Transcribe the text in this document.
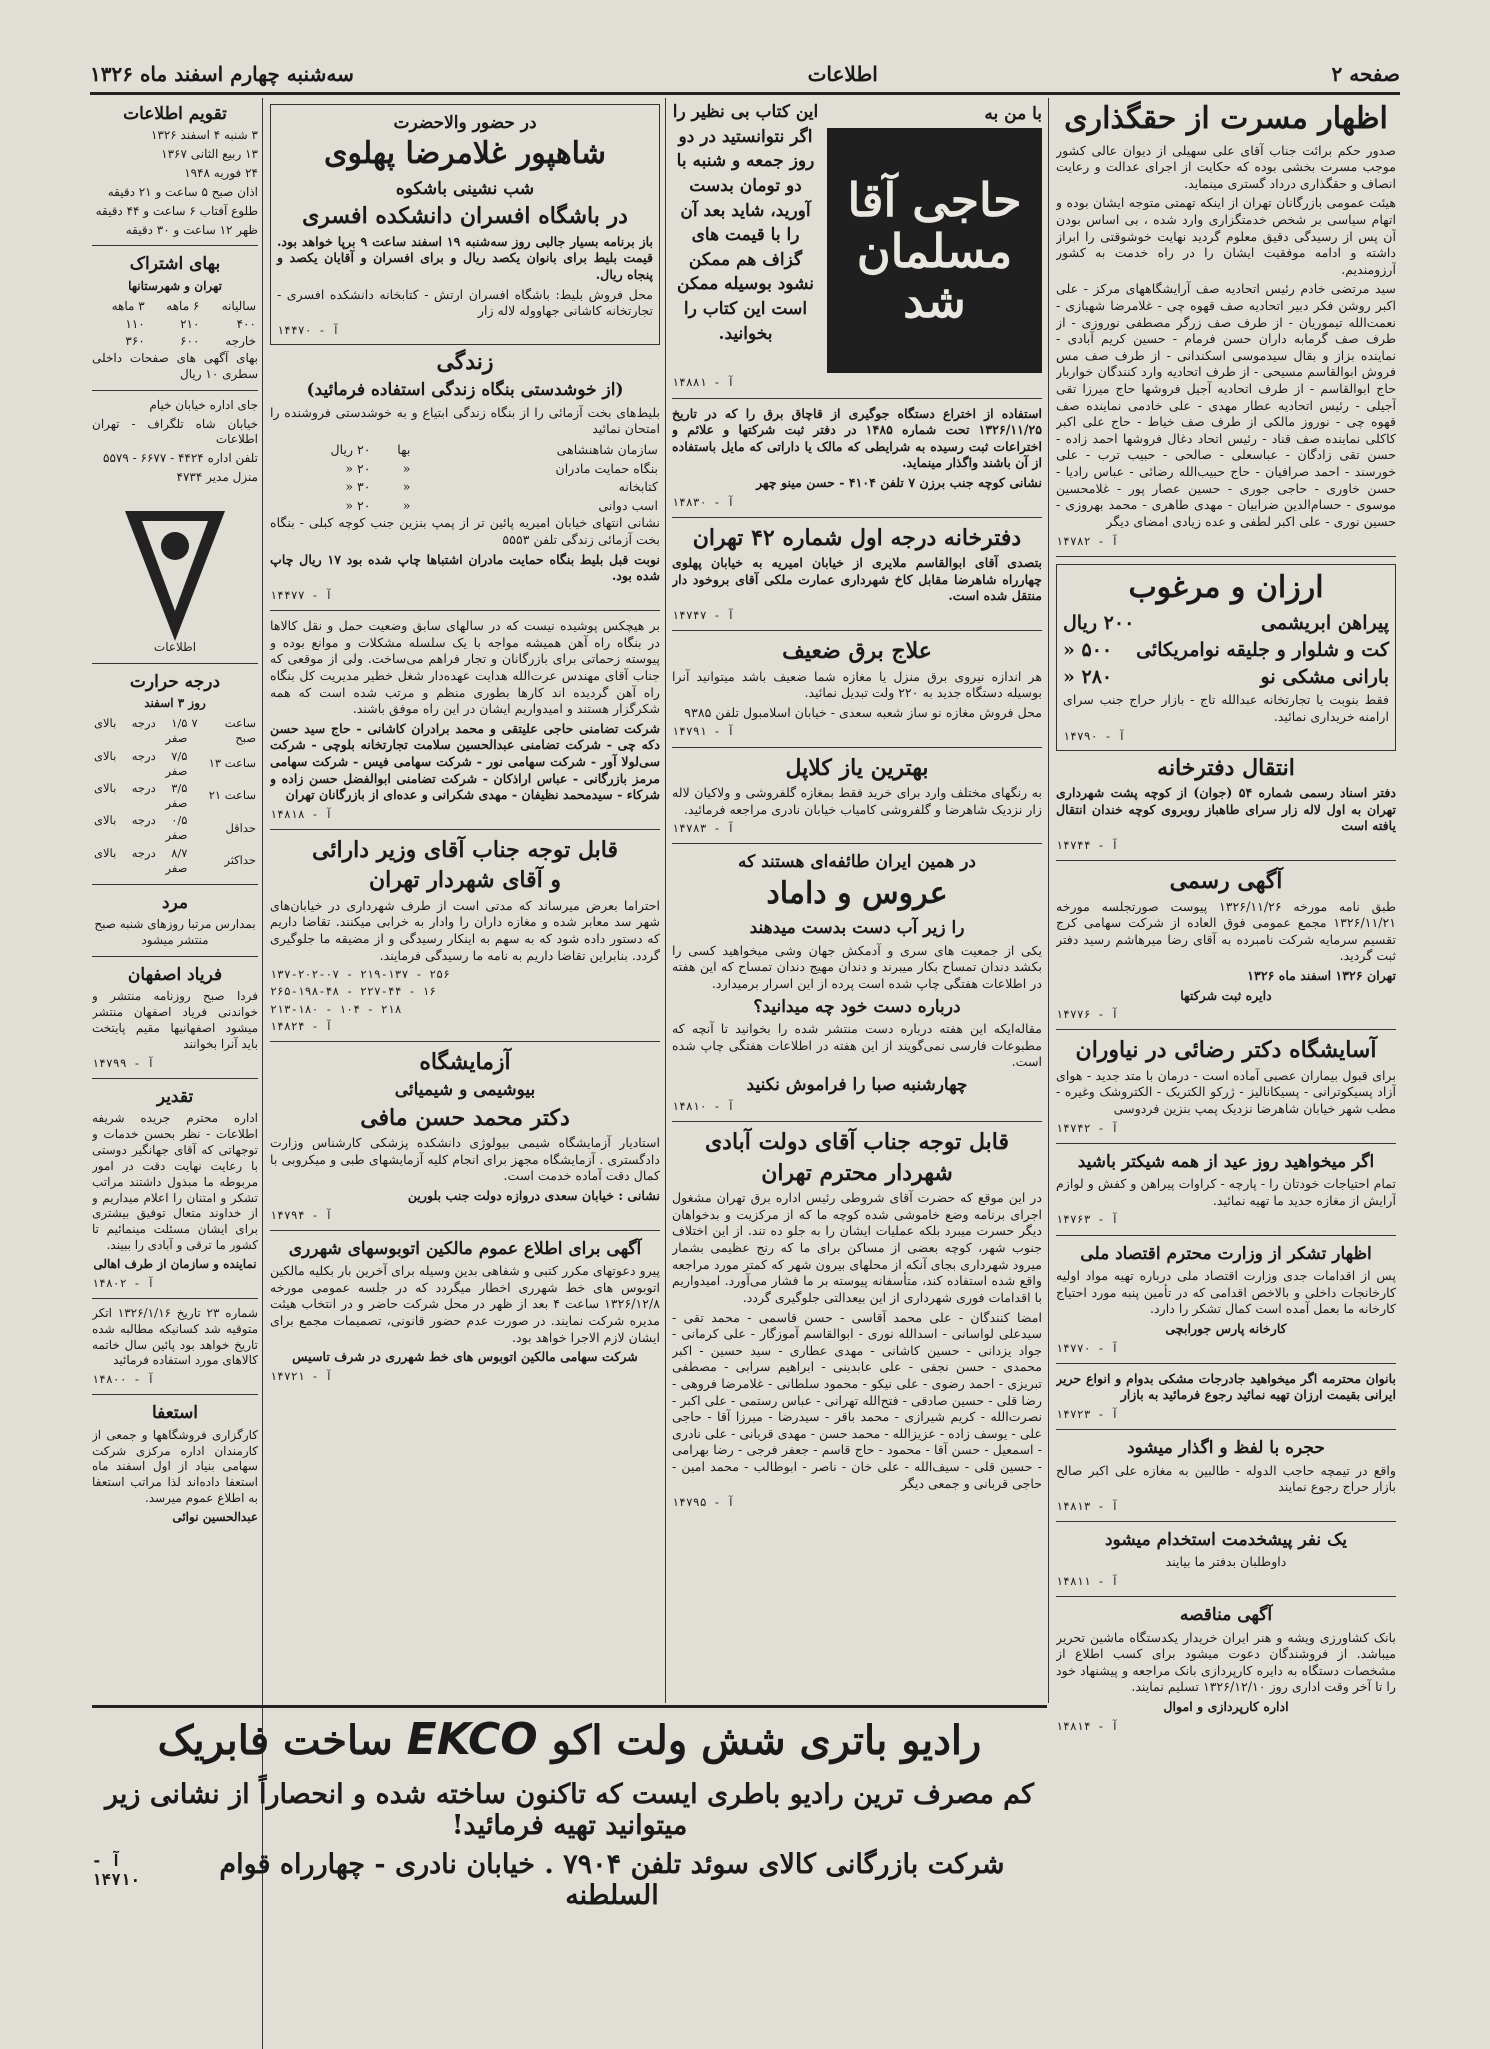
صفحه ۲
اطلاعات
سه‌شنبه چهارم اسفند ماه ۱۳۲۶
اظهار مسرت از حقگذاری

صدور حکم برائت جناب آقای علی سهیلی از دیوان عالی کشور موجب مسرت بخشی بوده که حکایت از اجرای عدالت و رعایت انصاف و حقگذاری درداد گستری مینماید.

هیئت عمومی بازرگانان تهران از اینکه تهمتی متوجه ایشان بوده و اتهام سیاسی بر شخص خدمتگزاری وارد شده ، بی اساس بودن آن پس از رسیدگی دقیق معلوم گردید نهایت خوشوقتی را ابراز داشته و ادامه موفقیت ایشان را در راه خدمت به کشور آرزومندیم.

سید مرتضی خادم رئیس اتحادیه صف آرایشگاههای مرکز - علی اکبر روشن فکر دبیر اتحادیه صف قهوه چی - غلامرضا شهبازی - نعمت‌الله تیموریان - از طرف صف زرگر مصطفی نوروزی - از طرف صف گرمابه داران حسن فرمام - حسین کریم آبادی - نماینده بزاز و بقال سیدموسی اسکندانی - از طرف صف مس فروش ابوالقاسم مسیحی - از طرف اتحادیه وارد کنندگان خواربار حاج ابوالقاسم - از طرف اتحادیه آجیل فروشها حاج میرزا تقی آجیلی - رئیس اتحادیه عطار مهدی - علی خادمی نماینده صف قهوه چی - نوروز مالکی از طرف صف خیاط - حاج علی اکبر کاکلی نماینده صف قناد - رئیس اتحاد دغال فروشها احمد زاده - حسن تقی زادگان - عباسعلی - صالحی - حبیب ترب - علی خورسند - احمد صرافیان - حاج حبیب‌الله رضائی - عباس رادیا - حسن خاوری - حاجی جوری - حسین عصار پور - غلامحسین موسوی - حسام‌الدین ضرابیان - مهدی طاهری - محمد بهروزی - حسین نوری - علی اکبر لطفی و عده زیادی امضای دیگر

آ - ۱۴۷۸۲
ارزان و مرغوب
پیراهن ابریشمی
۲۰۰ ریال
کت و شلوار و جلیقه نوامریکائی
۵۰۰ «
بارانی مشکی نو
۲۸۰ «

فقط بنوبت یا تجارتخانه عبدالله تاج - بازار حراج جنب سرای ارامنه خریداری نمائید.

آ - ۱۴۷۹۰
انتقال دفترخانه

دفتر اسناد رسمی شماره ۵۴ (جوان) از کوچه پشت شهرداری تهران به اول لاله زار سرای طاهباز روبروی کوچه خندان انتقال یافته است

آ - ۱۴۷۴۴
آگهی رسمی

طبق نامه مورخه ۱۳۲۶/۱۱/۲۶ پیوست صورتجلسه مورخه ۱۳۲۶/۱۱/۲۱ مجمع عمومی فوق العاده از شرکت سهامی کرج تقسیم سرمایه شرکت نامبرده به آقای رضا میرهاشم رسید دفتر ثبت گردید.

تهران ۱۳۲۶ اسفند ماه ۱۳۲۶

دایره ثبت شرکتها

آ - ۱۴۷۷۶
آسایشگاه دکتر رضائی در نیاوران

برای قبول بیماران عصبی آماده است - درمان با متد جدید - هوای آزاد پسیکوترانی - پسیکانالیز - ژرکو الکتریک - الکتروشک وغیره - مطب شهر خیابان شاهرضا نزدیک پمپ بنزین فردوسی

آ - ۱۴۷۴۲
اگر میخواهید روز عید از همه شیکتر باشید

تمام احتیاجات خودتان را - پارچه - کراوات پیراهن و کفش و لوازم آرایش از مغازه جدید ما تهیه نمائید.

آ - ۱۴۷۶۳
اظهار تشکر از وزارت محترم اقتصاد ملی

پس از اقدامات جدی وزارت اقتصاد ملی درباره تهیه مواد اولیه کارخانجات داخلی و بالاخص اقدامی که در تأمین پنبه مورد احتیاج کارخانه ما بعمل آمده است کمال تشکر را دارد.

کارخانه پارس جورابچی

آ - ۱۴۷۷۰

بانوان محترمه اگر میخواهید جادرجات مشکی بدوام و انواع حریر ایرانی بقیمت ارزان تهیه نمائید رجوع فرمائید به بازار

آ - ۱۴۷۲۳
حجره با لفظ و اگذار میشود

واقع در تیمچه حاجب الدوله - طالبین به مغازه علی اکبر صالح بازار حراج رجوع نمایند

آ - ۱۴۸۱۳
یک نفر پیشخدمت استخدام میشود

داوطلبان بدفتر ما بیایند

آ - ۱۴۸۱۱
آگهی مناقصه

بانک کشاورزی ویشه و هنر ایران خریدار یکدستگاه ماشین تحریر میباشد. از فروشندگان دعوت میشود برای کسب اطلاع از مشخصات دستگاه به دایره کارپردازی بانک مراجعه و پیشنهاد خود را تا آخر وقت اداری روز ۱۳۲۶/۱۲/۱۰ تسلیم نمایند.

اداره کارپردازی و اموال

آ - ۱۴۸۱۴
با من به
حاجی آقا مسلمان شد
این کتاب بی نظیر را اگر نتوانستید در دو روز جمعه و شنبه با دو تومان بدست آورید، شاید بعد آن را با قیمت های گزاف هم ممکن نشود بوسیله ممکن است این کتاب را بخوانید.
آ - ۱۴۸۸۱

استفاده از اختراع دستگاه جوگیری از قاچاق برق را که در تاریخ ۱۳۲۶/۱۱/۲۵ تحت شماره ۱۴۸۵ در دفتر ثبت شرکتها و علائم و اختراعات ثبت رسیده به شرایطی که مالک یا داراتی که مایل باستفاده از آن باشند واگذار مینماید.

نشانی کوچه جنب برزن ۷ تلفن ۴۱۰۴ - حسن مینو چهر

آ - ۱۴۸۳۰
دفترخانه درجه اول شماره ۴۲ تهران

بتصدی آقای ابوالقاسم ملایری از خیابان امیریه به خیابان پهلوی چهارراه شاهرضا مقابل کاخ شهرداری عمارت ملکی آقای بروخود دار منتقل شده است.

آ - ۱۴۷۴۷
علاج برق ضعیف

هر اندازه نیروی برق منزل یا مغازه شما ضعیف باشد میتوانید آنرا بوسیله دستگاه جدید به ۲۲۰ ولت تبدیل نمائید.

محل فروش مغازه نو ساز شعبه سعدی - خیابان اسلامبول تلفن ۹۳۸۵

آ - ۱۴۷۹۱
بهترین یاز کلاپل

به رنگهای مختلف وارد برای خرید فقط بمغازه گلفروشی و ولاکیان لاله زار نزدیک شاهرضا و گلفروشی کامیاب خیابان نادری مراجعه فرمائید.

آ - ۱۴۷۸۳
در همین ایران طائفه‌ای هستند که
عروس و داماد
را زیر آب دست بدست میدهند

یکی از جمعیت های سری و آدمکش جهان وشی میخواهید کسی را بکشد دندان تمساح بکار میبرند و دندان مهیج دندان تمساح که این هفته در اطلاعات هفتگی چاپ شده است پرده از این اسرار برمیدارد.

درباره دست خود چه میدانید؟

مقاله‌ایکه این هفته درباره دست منتشر شده را بخوانید تا آنچه که مطبوعات فارسی نمی‌گویند از این هفته در اطلاعات هفتگی چاپ شده است.

چهارشنبه صبا را فراموش نکنید
آ - ۱۴۸۱۰
قابل توجه جناب آقای دولت آبادی
شهردار محترم تهران

در این موقع که حضرت آقای شروطی رئیس اداره برق تهران مشغول اجرای برنامه وضع خاموشی شده کوچه ما که از مرکزیت و بدخواهان دیگر حسرت میبرد بلکه عملیات ایشان را به جلو ده تند. از این اختلاف جنوب شهر، کوچه بعضی از مساکن برای ما که رنج عظیمی بشمار میرود شهرداری بجای آنکه از محلهای بیرون شهر که کمتر مورد مراجعه واقع شده استفاده کند، متأسفانه پیوسته بر ما فشار می‌آورد. امیدواریم با اقدامات فوری شهرداری از این بیعدالتی جلوگیری گردد.

امضا کنندگان - علی محمد آقاسی - حسن قاسمی - محمد تقی - سیدعلی لواسانی - اسدالله نوری - ابوالقاسم آموزگار - علی کرمانی - جواد یزدانی - حسین کاشانی - مهدی عطاری - سید حسین - اکبر محمدی - حسن نجفی - علی عابدینی - ابراهیم سرابی - مصطفی تبریزی - احمد رضوی - علی نیکو - محمود سلطانی - غلامرضا فروهی - رضا قلی - حسین صادقی - فتح‌الله تهرانی - عباس رستمی - علی اکبر - نصرت‌الله - کریم شیرازی - محمد باقر - سیدرضا - میرزا آقا - حاجی علی - یوسف زاده - عزیز‌الله - محمد حسن - مهدی قربانی - علی نادری - اسمعیل - حسن آقا - محمود - حاج قاسم - جعفر فرجی - رضا بهرامی - حسین قلی - سیف‌الله - علی خان - ناصر - ابوطالب - محمد امین - حاجی قربانی و جمعی دیگر

آ - ۱۴۷۹۵
در حضور والاحضرت
شاهپور غلامرضا پهلوی
شب نشینی باشکوه
در باشگاه افسران دانشکده افسری

باز برنامه بسیار جالبی روز سه‌شنبه ۱۹ اسفند ساعت ۹ برپا خواهد بود. قیمت بلیط برای بانوان یکصد ریال و برای افسران و آقایان یکصد و پنجاه ریال.

محل فروش بلیط: باشگاه افسران ارتش - کتابخانه دانشکده افسری - تجارتخانه کاشانی جهاووله لاله زار

آ - ۱۴۴۷۰
زندگی
(از خوشدستی بنگاه زندگی استفاده فرمائید)

بلیط‌های بخت آزمائی را از بنگاه زندگی ابتیاع و به خوشدستی فروشنده را امتحان نمائید

سازمان شاهنشاهی	بها	۲۰ ریال
بنگاه حمایت مادران	«	۲۰ «
کتابخانه	«	۳۰ «
اسب دوانی	«	۲۰ «

نشانی انتهای خیابان امیریه پائین تر از پمپ بنزین جنب کوچه کبلی - بنگاه بخت آزمائی زندگی تلفن ۵۵۵۳

نوبت قبل بلیط بنگاه حمایت مادران اشتباها چاپ شده بود ۱۷ ریال چاپ شده بود.

آ - ۱۴۴۷۷

بر هیچکس پوشیده نیست که در سالهای سابق وضعیت حمل و نقل کالاها در بنگاه راه آهن همیشه مواجه با یک سلسله مشکلات و موانع بوده و پیوسته زحماتی برای بازرگانان و تجار فراهم می‌ساخت. ولی از موقعی که جناب آقای مهندس عرت‌الله هدایت عهده‌دار شغل خطیر مدیریت کل بنگاه راه آهن گردیده اند کارها بطوری منظم و مرتب شده است که همه شکرگزار هستند و امیدواریم ایشان در این راه موفق باشند.

شرکت تضامنی حاجی علیتقی و محمد برادران کاشانی - حاج سید حسن دکه چی - شرکت تضامنی عبدالحسین سلامت تجارتخانه بلوچی - شرکت سی‌لولا آور - شرکت سهامی نور - شرکت سهامی فیس - شرکت سهامی مرمز بازرگانی - عباس اراذکان - شرکت تضامنی ابوالفضل حسن زاده و شرکاء - سیدمحمد نظیفان - مهدی شکرانی و عده‌ای از بازرگانان تهران

آ - ۱۴۸۱۸
قابل توجه جناب آقای وزیر دارائی
و آقای شهردار تهران

احتراما بعرض میرساند که مدتی است از طرف شهرداری در خیابان‌های شهر سد معابر شده و مغازه داران را وادار به خرابی میکنند. تقاضا داریم که دستور داده شود که به سهم به اینکار رسیدگی و از مضیقه ما جلوگیری گردد. بنابراین تقاضا داریم به نامه ما رسیدگی فرمایند.

۱۳۷-۲۰۲-۰۷ - ۲۱۹-۱۳۷ - ۲۵۶
۲۶۵-۱۹۸-۴۸ - ۲۲۷-۴۴ - ۱۶
۲۱۳-۱۸۰ - ۱۰۴ - ۲۱۸
آ - ۱۴۸۲۴
آزمایشگاه
بیوشیمی و شیمیائی
دکتر محمد حسن مافی

استادیار آزمایشگاه شیمی بیولوژی دانشکده پزشکی کارشناس وزارت دادگستری . آزمایشگاه مجهز برای انجام کلیه آزمایشهای طبی و میکروبی با کمال دقت آماده خدمت است.

نشانی : خیابان سعدی دروازه دولت جنب بلورین

آ - ۱۴۷۹۴
آگهی برای اطلاع عموم مالکین اتوبوسهای شهرری

پیرو دعوتهای مکرر کتبی و شفاهی بدین وسیله برای آخرین بار بکلیه مالکین اتوبوس های خط شهرری اخطار میگردد که در جلسه عمومی مورخه ۱۳۲۶/۱۲/۸ ساعت ۴ بعد از ظهر در محل شرکت حاضر و در انتخاب هیئت مدیره شرکت نمایند. در صورت عدم حضور قانونی، تصمیمات مجمع برای ایشان لازم الاجرا خواهد بود.

شرکت سهامی مالکین اتوبوس های خط شهرری در شرف تاسیس

آ - ۱۴۷۲۱
تقویم اطلاعات

۳ شنبه ۴ اسفند ۱۳۲۶

۱۳ ربیع الثانی ۱۳۶۷

۲۴ فوریه ۱۹۴۸

اذان صبح ۵ ساعت و ۲۱ دقیقه

طلوع آفتاب ۶ ساعت و ۴۴ دقیقه

ظهر ۱۲ ساعت و ۳۰ دقیقه

بهای اشتراک

تهران و شهرستانها

ساليانه	۶ ماهه	۳ ماهه
۴۰۰	۲۱۰	۱۱۰
خارجه	۶۰۰	۳۶۰

بهای آگهی های صفحات داخلی سطری ۱۰ ریال

جای اداره خیابان خیام

خیابان شاه تلگراف - تهران اطلاعات

تلفن اداره ۴۴۲۴ - ۶۶۷۷ - ۵۵۷۹

منزل مدیر ۴۷۳۴

اطلاعات
درجه حرارت

روز ۳ اسفند

ساعت ۷ صبح	۱/۵ درجه بالای صفر
ساعت ۱۳	۷/۵ درجه بالای صفر
ساعت ۲۱	۳/۵ درجه بالای صفر
حداقل	۰/۵ درجه بالای صفر
حداکثر	۸/۷ درجه بالای صفر
مرد

بمدارس مرتبا روزهای شنبه صبح منتشر میشود

فریاد اصفهان

فردا صبح روزنامه منتشر و خواندنی فریاد اصفهان منتشر میشود اصفهانیها مقیم پایتخت باید آنرا بخوانند

آ - ۱۴۷۹۹
تقدیر

اداره محترم جریده شریفه اطلاعات - نظر بحسن خدمات و توجهاتی که آقای جهانگیر دوستی با رعایت نهایت دقت در امور مربوطه ما مبذول داشتند مراتب تشکر و امتنان را اعلام میداریم و از خداوند متعال توفیق بیشتری برای ایشان مسئلت مینمائیم تا کشور ما ترقی و آبادی را ببیند.

نماینده و سازمان از طرف اهالی

آ - ۱۴۸۰۲

شماره ۲۳ تاریخ ۱۳۲۶/۱/۱۶ اتکر متوقیه شد کسانیکه مطالبه شده تاریخ خواهد بود پائین سال خاتمه کالاهای مورد استفاده فرمائید

آ - ۱۴۸۰۰
استعفا

کارگزاری فروشگاهها و جمعی از کارمندان اداره مرکزی شرکت سهامی بنیاد از اول اسفند ماه استعفا داده‌اند لذا مراتب استعفا به اطلاع عموم میرسد.

عبدالحسین نوائی

رادیو باتری شش ولت اکو EKCO ساخت فابریک
کم مصرف ترین رادیو باطری ایست که تاکنون ساخته شده و انحصاراً از نشانی زیر میتوانید تهیه فرمائید!
شرکت بازرگانی کالای سوئد تلفن ۷۹۰۴ . خیابان نادری - چهارراه قوام السلطنه
آ - ۱۴۷۱۰
